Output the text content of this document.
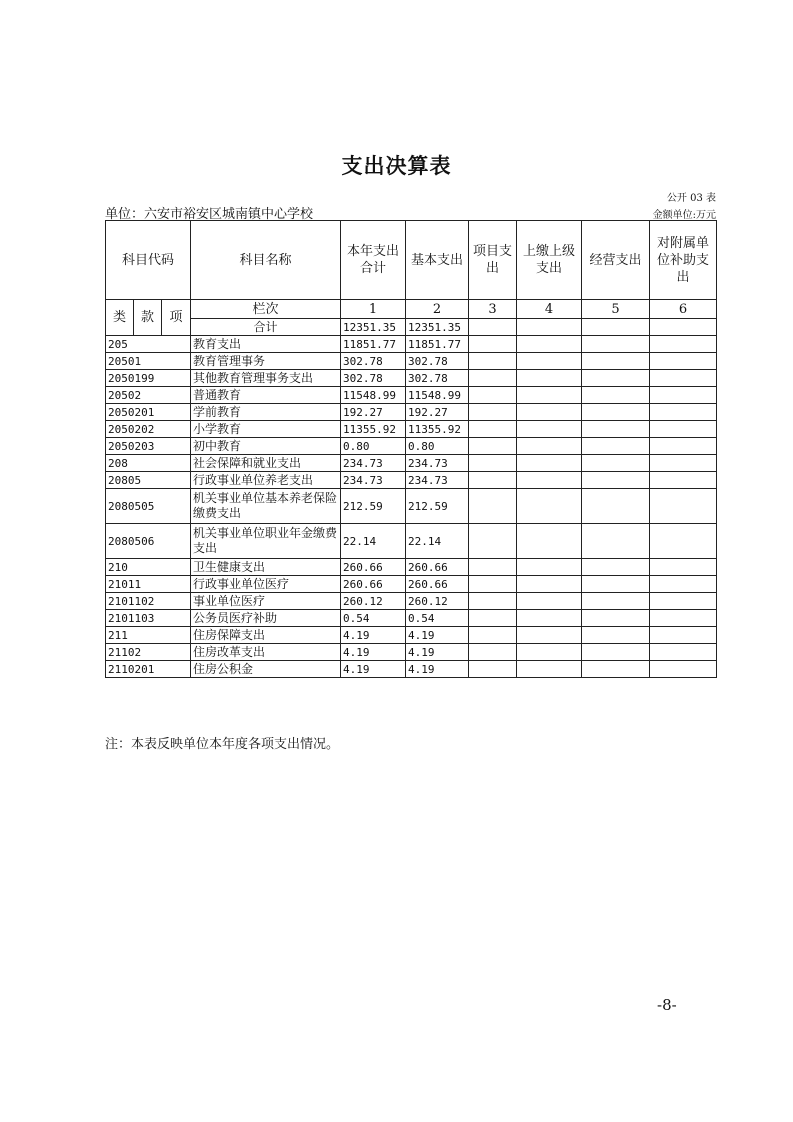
支出决算表
公开 03 表
单位：六安市裕安区城南镇中心学校	金额单位:万元
科目代码			科目名称	本年支出合计	基本支出	项目支出	上缴上级支出	经营支出	对附属单位补助支出
类	款	项	栏次	1	2	3	4	5	6
			合计	12351.35	12351.35				
205			教育支出	11851.77	11851.77				
20501			教育管理事务	302.78	302.78				
2050199			其他教育管理事务支出	302.78	302.78				
20502			普通教育	11548.99	11548.99				
2050201			学前教育	192.27	192.27				
2050202			小学教育	11355.92	11355.92				
2050203			初中教育	0.80	0.80				
208			社会保障和就业支出	234.73	234.73				
20805			行政事业单位养老支出	234.73	234.73				
2080505			机关事业单位基本养老保险缴费支出	212.59	212.59				
2080506			机关事业单位职业年金缴费支出	22.14	22.14				
210			卫生健康支出	260.66	260.66				
21011			行政事业单位医疗	260.66	260.66				
2101102			事业单位医疗	260.12	260.12				
2101103			公务员医疗补助	0.54	0.54				
211			住房保障支出	4.19	4.19				
21102			住房改革支出	4.19	4.19				
2110201			住房公积金	4.19	4.19				
注：本表反映单位本年度各项支出情况。
-8-
